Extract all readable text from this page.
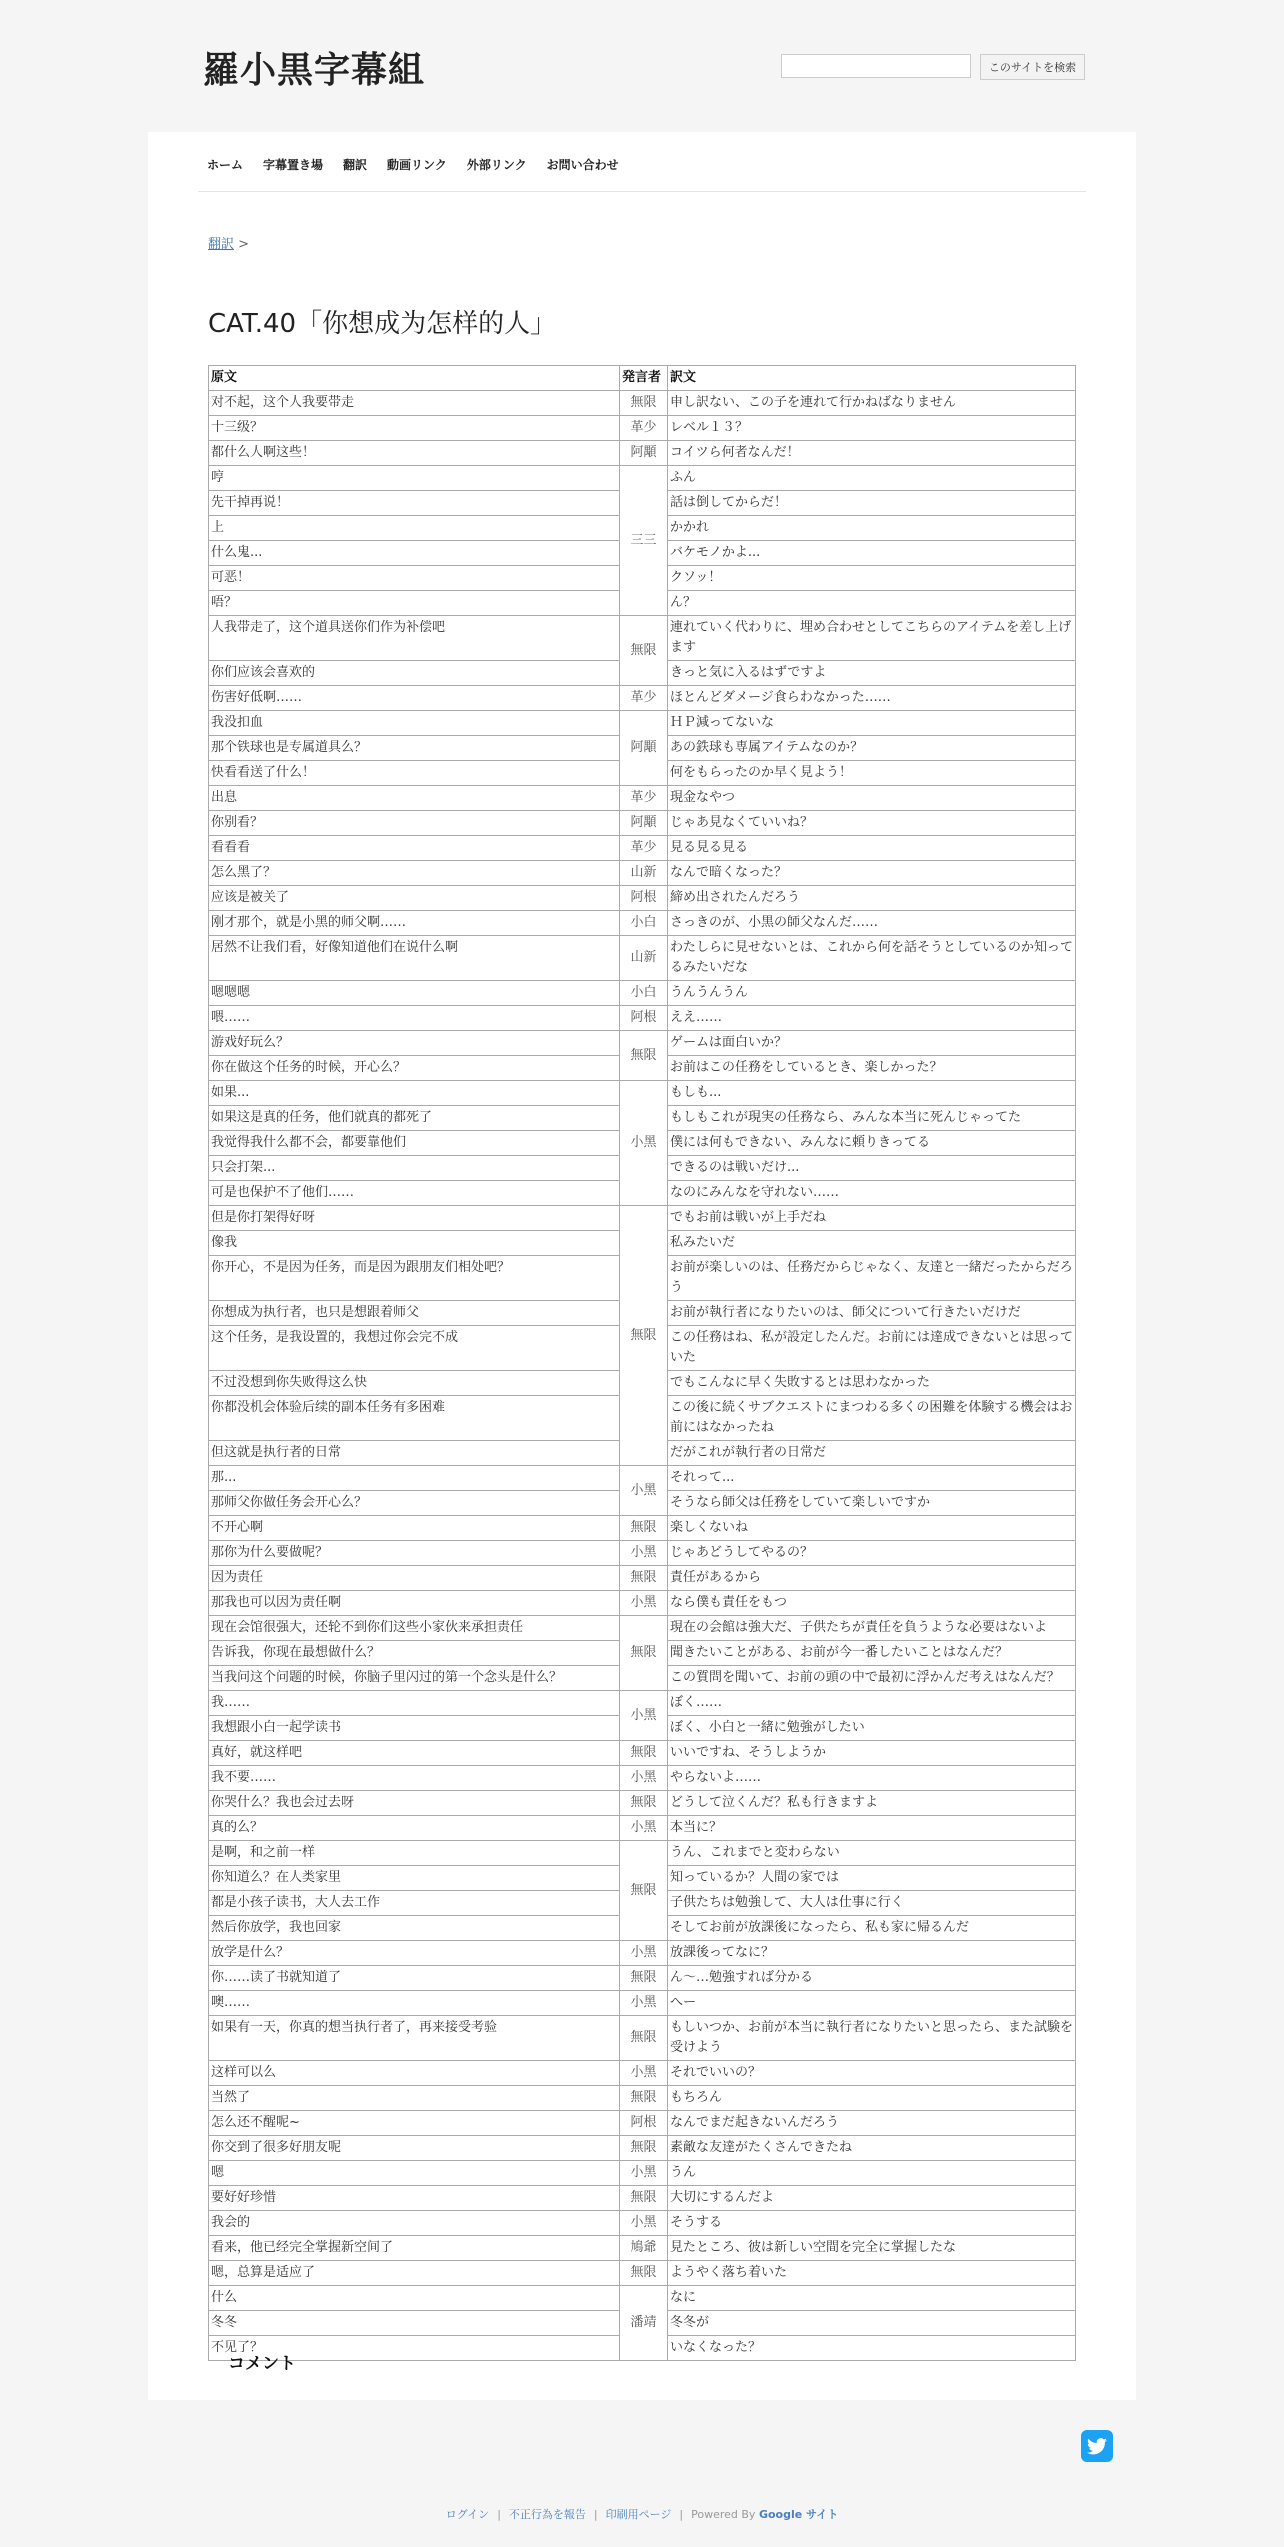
羅小黒字幕組	このサイトを検索
ホーム 字幕置き場 翻訳 動画リンク 外部リンク お問い合わせ
翻訳 >
CAT.40「你想成为怎样的人」
原文	発言者	訳文
对不起，这个人我要带走	無限	申し訳ない、この子を連れて行かねばなりません
十三级？	革少	レベル１３？
都什么人啊这些！	阿顒	コイツら何者なんだ！
哼	三三	ふん
先干掉再说！		話は倒してからだ！
上		かかれ
什么鬼...		バケモノかよ...
可恶！		クソッ！
唔？		ん？
人我带走了，这个道具送你们作为补偿吧	無限	連れていく代わりに、埋め合わせとしてこちらのアイテムを差し上げます
你们应该会喜欢的		きっと気に入るはずですよ
伤害好低啊……	革少	ほとんどダメージ食らわなかった……
我没扣血	阿顒	ＨＰ減ってないな
那个铁球也是专属道具么？		あの鉄球も専属アイテムなのか？
快看看送了什么！		何をもらったのか早く見よう！
出息	革少	現金なやつ
你别看？	阿顒	じゃあ見なくていいね？
看看看	革少	見る見る見る
怎么黑了？	山新	なんで暗くなった？
应该是被关了	阿根	締め出されたんだろう
刚才那个，就是小黑的师父啊……	小白	さっきのが、小黒の師父なんだ……
居然不让我们看，好像知道他们在说什么啊	山新	わたしらに見せないとは、これから何を話そうとしているのか知ってるみたいだな
嗯嗯嗯	小白	うんうんうん
喂……	阿根	ええ……
游戏好玩么？	無限	ゲームは面白いか？
你在做这个任务的时候，开心么？		お前はこの任務をしているとき、楽しかった？
如果...	小黑	もしも...
如果这是真的任务，他们就真的都死了		もしもこれが現実の任務なら、みんな本当に死んじゃってた
我觉得我什么都不会，都要靠他们		僕には何もできない、みんなに頼りきってる
只会打架...		できるのは戦いだけ...
可是也保护不了他们……		なのにみんなを守れない……
但是你打架得好呀	無限	でもお前は戦いが上手だね
像我		私みたいだ
你开心，不是因为任务，而是因为跟朋友们相处吧？		お前が楽しいのは、任務だからじゃなく、友達と一緒だったからだろう
你想成为执行者，也只是想跟着师父		お前が執行者になりたいのは、師父について行きたいだけだ
这个任务，是我设置的，我想过你会完不成		この任務はね、私が設定したんだ。お前には達成できないとは思っていた
不过没想到你失败得这么快		でもこんなに早く失敗するとは思わなかった
你都没机会体验后续的副本任务有多困难		この後に続くサブクエストにまつわる多くの困難を体験する機会はお前にはなかったね
但这就是执行者的日常		だがこれが執行者の日常だ
那...	小黑	それって...
那师父你做任务会开心么？		そうなら師父は任務をしていて楽しいですか
不开心啊	無限	楽しくないね
那你为什么要做呢？	小黑	じゃあどうしてやるの？
因为责任	無限	責任があるから
那我也可以因为责任啊	小黑	なら僕も責任をもつ
现在会馆很强大，还轮不到你们这些小家伙来承担责任	無限	現在の会館は強大だ、子供たちが責任を負うような必要はないよ
告诉我，你现在最想做什么？		聞きたいことがある、お前が今一番したいことはなんだ？
当我问这个问题的时候，你脑子里闪过的第一个念头是什么？		この質問を聞いて、お前の頭の中で最初に浮かんだ考えはなんだ？
我……	小黑	ぼく……
我想跟小白一起学读书		ぼく、小白と一緒に勉強がしたい
真好，就这样吧	無限	いいですね、そうしようか
我不要……	小黑	やらないよ……
你哭什么？我也会过去呀	無限	どうして泣くんだ？私も行きますよ
真的么？	小黑	本当に？
是啊，和之前一样	無限	うん、これまでと変わらない
你知道么？在人类家里		知っているか？人間の家では
都是小孩子读书，大人去工作		子供たちは勉強して、大人は仕事に行く
然后你放学，我也回家		そしてお前が放課後になったら、私も家に帰るんだ
放学是什么？	小黑	放課後ってなに？
你……读了书就知道了	無限	ん～…勉強すれば分かる
噢……	小黑	へー
如果有一天，你真的想当执行者了，再来接受考验	無限	もしいつか、お前が本当に執行者になりたいと思ったら、また試験を受けよう
这样可以么	小黑	それでいいの？
当然了	無限	もちろん
怎么还不醒呢~	阿根	なんでまだ起きないんだろう
你交到了很多好朋友呢	無限	素敵な友達がたくさんできたね
嗯	小黑	うん
要好好珍惜	無限	大切にするんだよ
我会的	小黑	そうする
看来，他已经完全掌握新空间了	鳩爺	見たところ、彼は新しい空間を完全に掌握したな
嗯，总算是适应了	無限	ようやく落ち着いた
什么	潘靖	なに
冬冬		冬冬が
不见了？		いなくなった？
コメント
ログイン | 不正行為を報告 | 印刷用ページ | Powered By Google サイト
